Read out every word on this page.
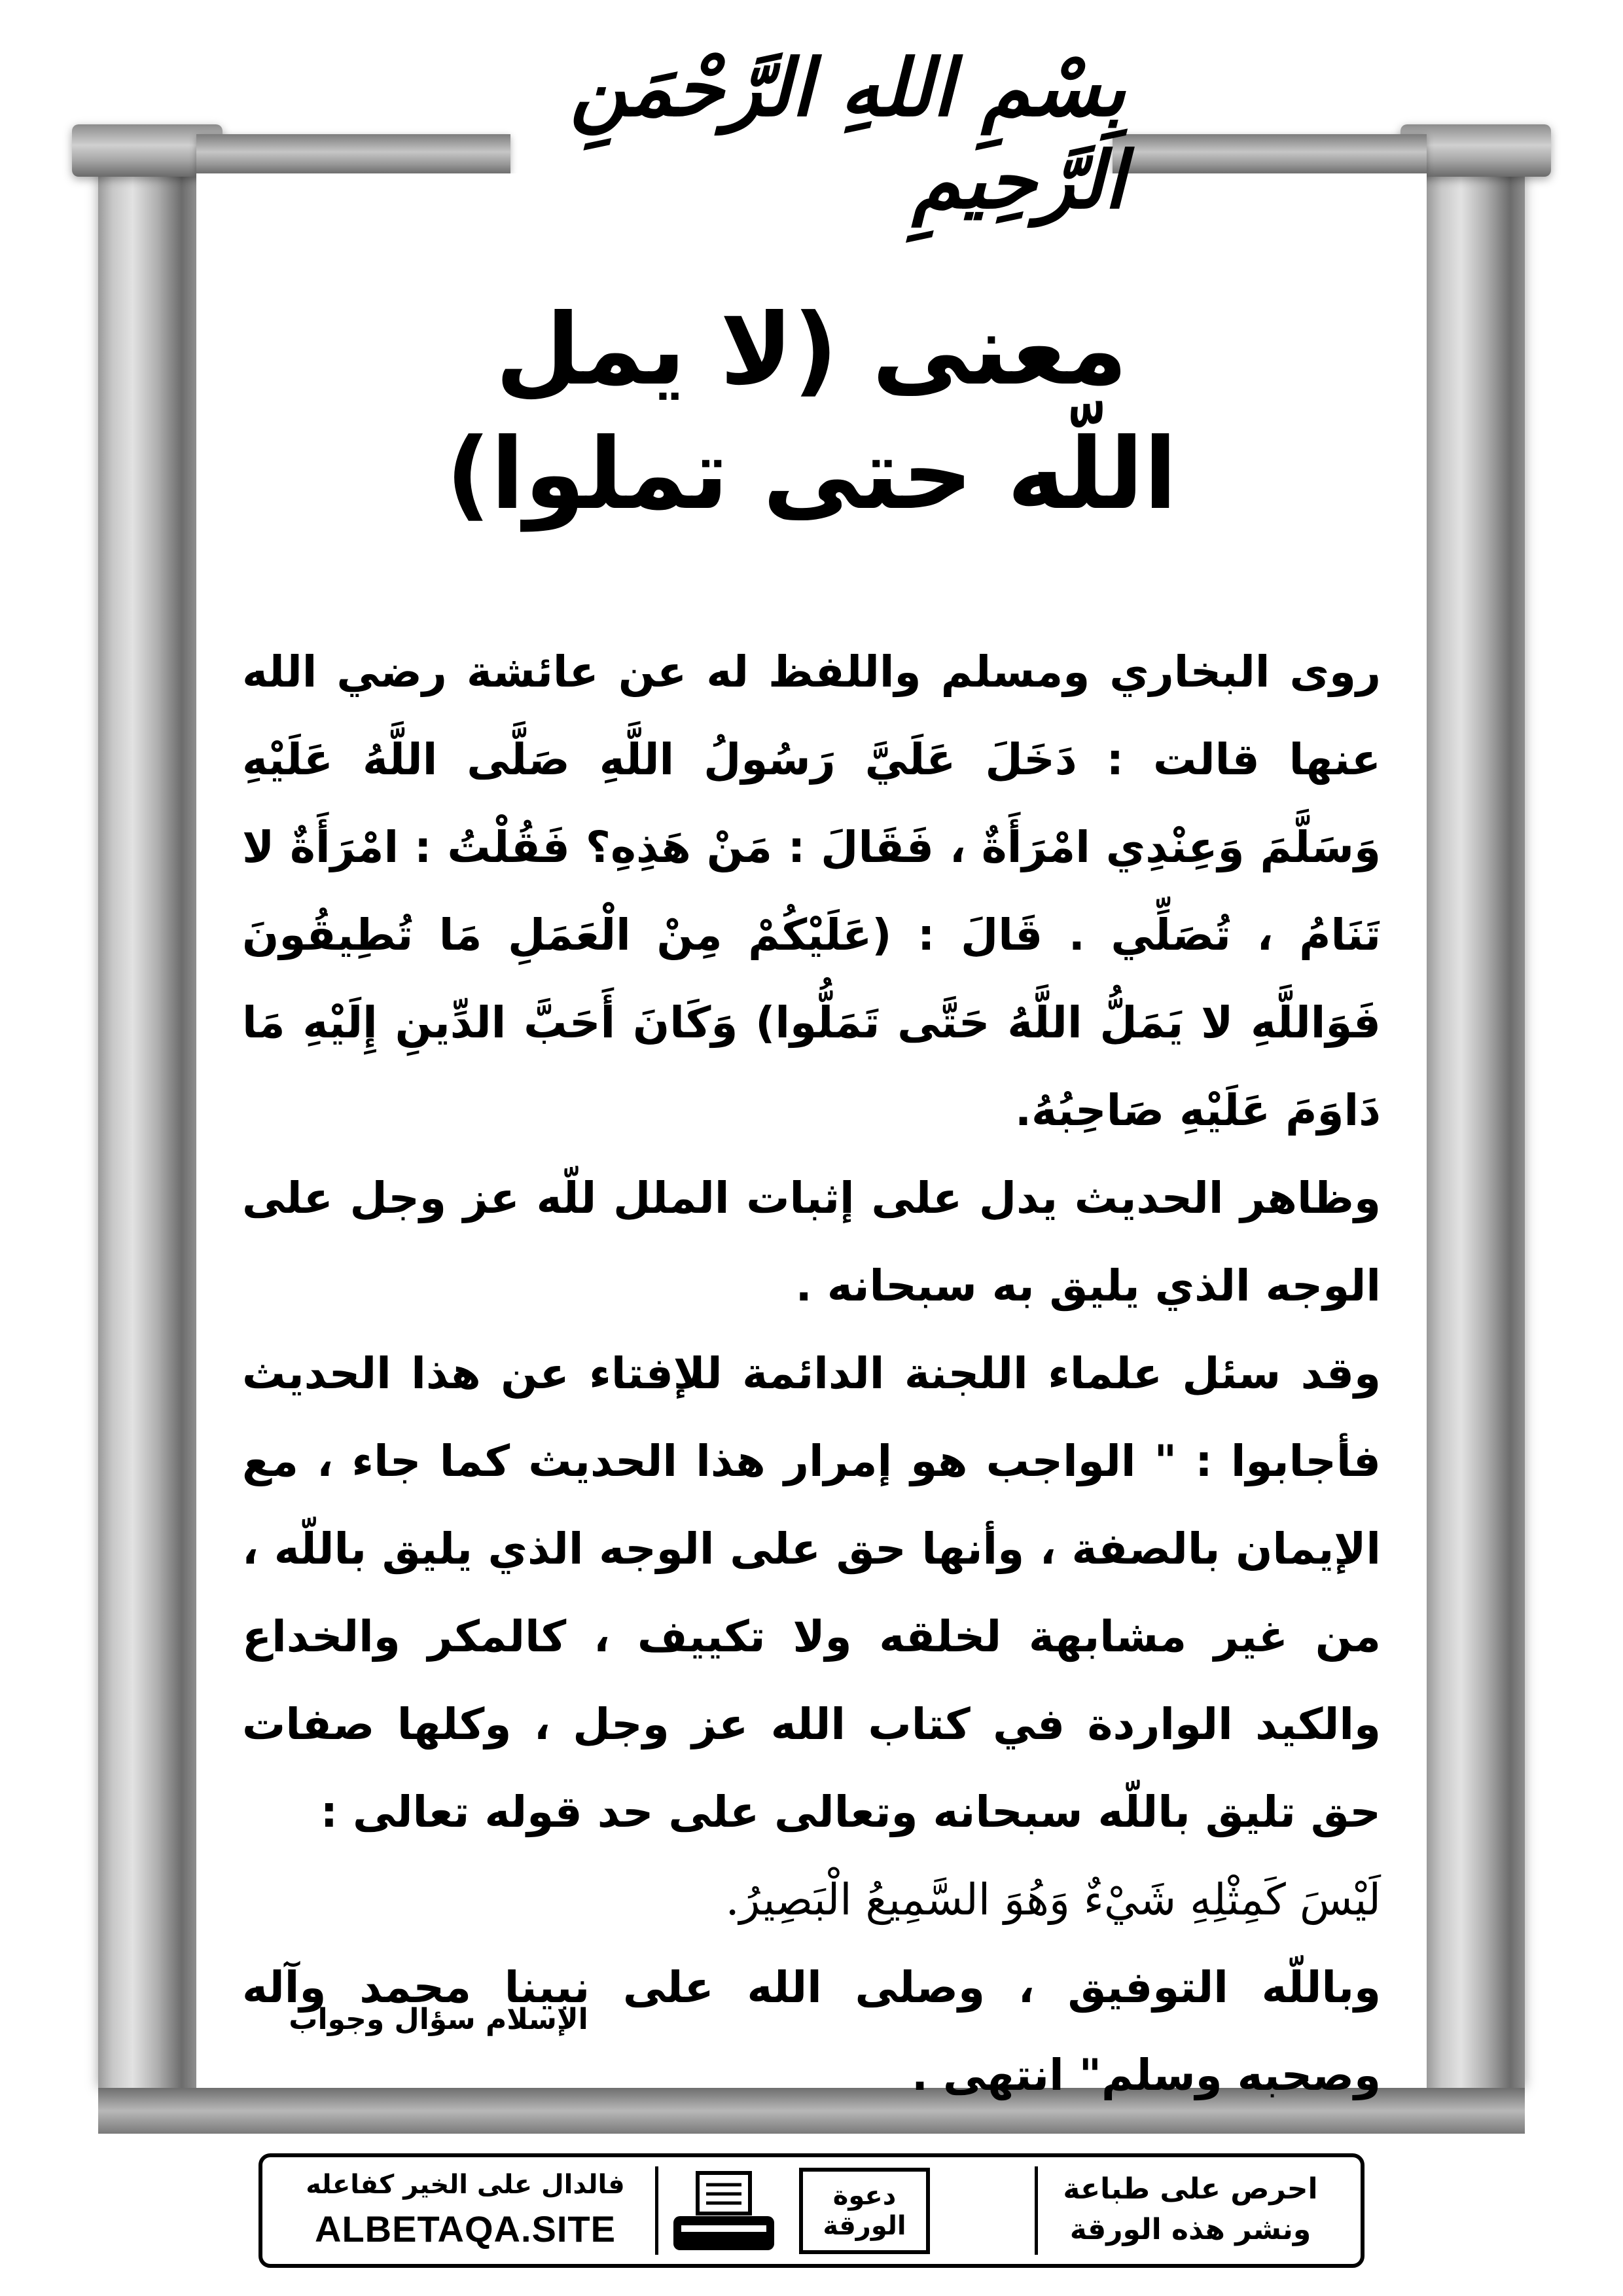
بِسْمِ اللهِ الرَّحْمَنِ الرَّحِيمِ
معنى (لا يمل
اللّه حتى تملوا)

روى البخاري ومسلم واللفظ له عن عائشة رضي الله عنها قالت : دَخَلَ عَلَيَّ رَسُولُ اللَّهِ صَلَّى اللَّهُ عَلَيْهِ وَسَلَّمَ وَعِنْدِي امْرَأَةٌ ، فَقَالَ : مَنْ هَذِهِ؟ فَقُلْتُ : امْرَأَةٌ لا تَنَامُ ، تُصَلِّي . قَالَ : (عَلَيْكُمْ مِنْ الْعَمَلِ مَا تُطِيقُونَ فَوَاللَّهِ لا يَمَلُّ اللَّهُ حَتَّى تَمَلُّوا) وَكَانَ أَحَبَّ الدِّينِ إِلَيْهِ مَا دَاوَمَ عَلَيْهِ صَاحِبُهُ.

وظاهر الحديث يدل على إثبات الملل للّه عز وجل على الوجه الذي يليق به سبحانه .

وقد سئل علماء اللجنة الدائمة للإفتاء عن هذا الحديث فأجابوا : " الواجب هو إمرار هذا الحديث كما جاء ، مع الإيمان بالصفة ، وأنها حق على الوجه الذي يليق باللّه ، من غير مشابهة لخلقه ولا تكييف ، كالمكر والخداع والكيد الواردة في كتاب الله عز وجل ، وكلها صفات حق تليق باللّه سبحانه وتعالى على حد قوله تعالى :

لَيْسَ كَمِثْلِهِ شَيْءٌ وَهُوَ السَّمِيعُ الْبَصِيرُ.

وباللّه التوفيق ، وصلى الله على نبينا محمد وآله وصحبه وسلم" انتهى .

الإسلام سؤال وجواب
فالدال على الخير كفاعله
ALBETAQA.SITE
دعوة الورقة
احرص على طباعة
ونشر هذه الورقة
